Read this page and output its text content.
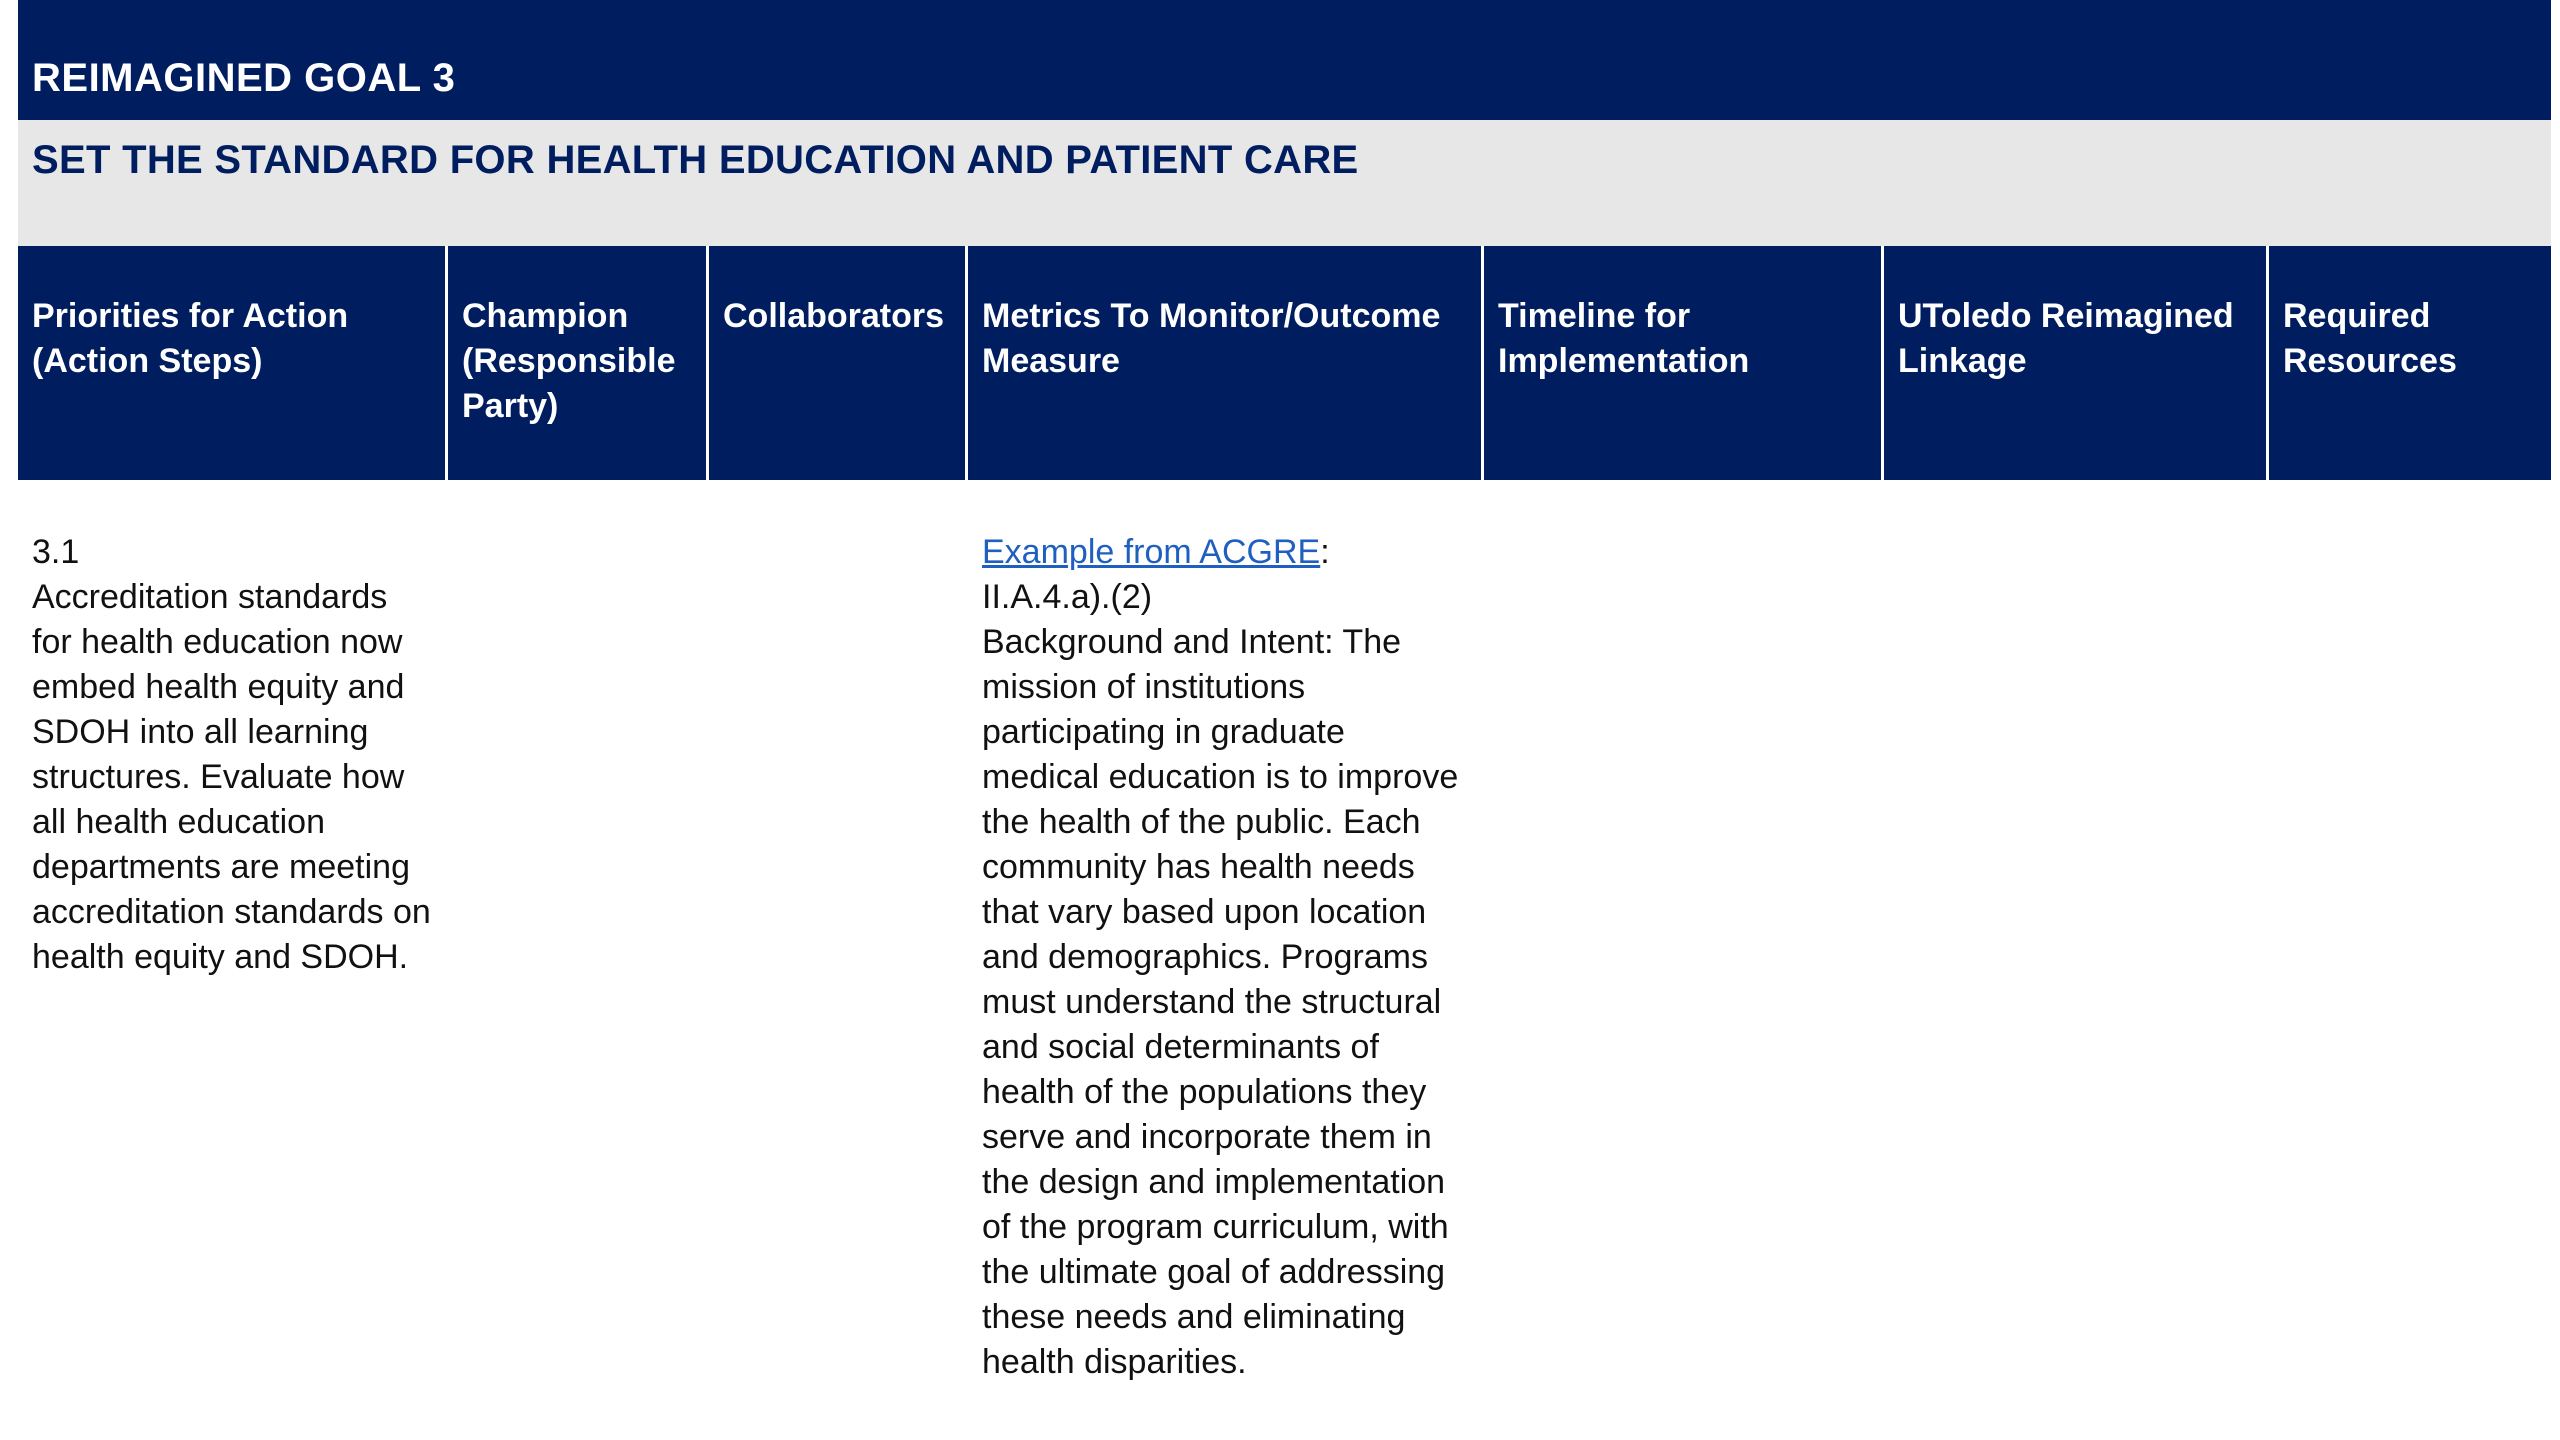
REIMAGINED GOAL 3
SET THE STANDARD FOR HEALTH EDUCATION AND PATIENT CARE
Priorities for Action (Action Steps)
Champion (Responsible Party)
Collaborators	Metrics To Monitor/Outcome Measure
Timeline for Implementation
UToledo Reimagined Linkage
Required Resources
3.1
Accreditation standards for health education now embed health equity and SDOH into all learning structures. Evaluate how all health education departments are meeting accreditation standards on health equity and SDOH.
Example from ACGRE:
II.A.4.a).(2)
Background and Intent: The mission of institutions participating in graduate medical education is to improve the health of the public. Each community has health needs that vary based upon location and demographics. Programs must understand the structural and social determinants of health of the populations they serve and incorporate them in the design and implementation of the program curriculum, with the ultimate goal of addressing these needs and eliminating health disparities.
